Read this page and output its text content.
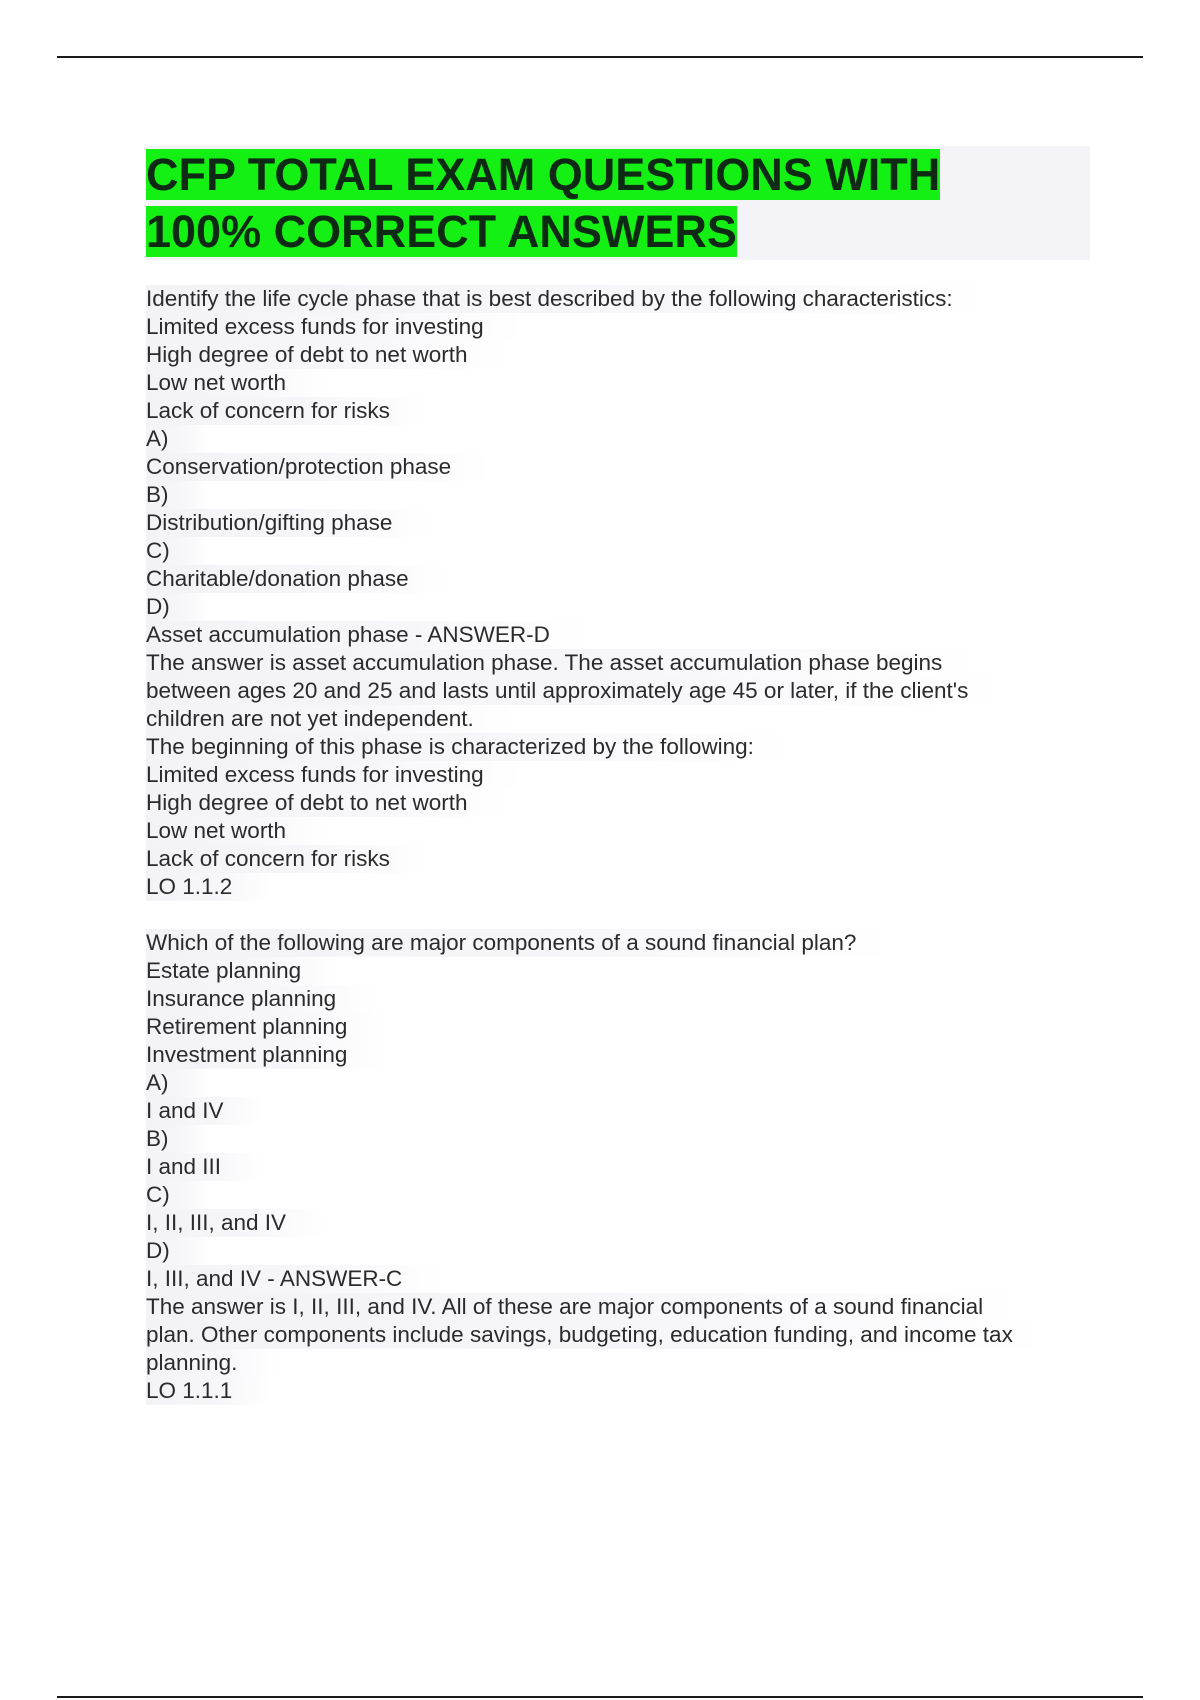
CFP TOTAL EXAM QUESTIONS WITH
100% CORRECT ANSWERS
Identify the life cycle phase that is best described by the following characteristics:
Limited excess funds for investing
High degree of debt to net worth
Low net worth
Lack of concern for risks
A)
Conservation/protection phase
B)
Distribution/gifting phase
C)
Charitable/donation phase
D)
Asset accumulation phase - ANSWER-D
The answer is asset accumulation phase. The asset accumulation phase begins
between ages 20 and 25 and lasts until approximately age 45 or later, if the client's
children are not yet independent.
The beginning of this phase is characterized by the following:
Limited excess funds for investing
High degree of debt to net worth
Low net worth
Lack of concern for risks
LO 1.1.2
Which of the following are major components of a sound financial plan?
Estate planning
Insurance planning
Retirement planning
Investment planning
A)
I and IV
B)
I and III
C)
I, II, III, and IV
D)
I, III, and IV - ANSWER-C
The answer is I, II, III, and IV. All of these are major components of a sound financial
plan. Other components include savings, budgeting, education funding, and income tax
planning.
LO 1.1.1
